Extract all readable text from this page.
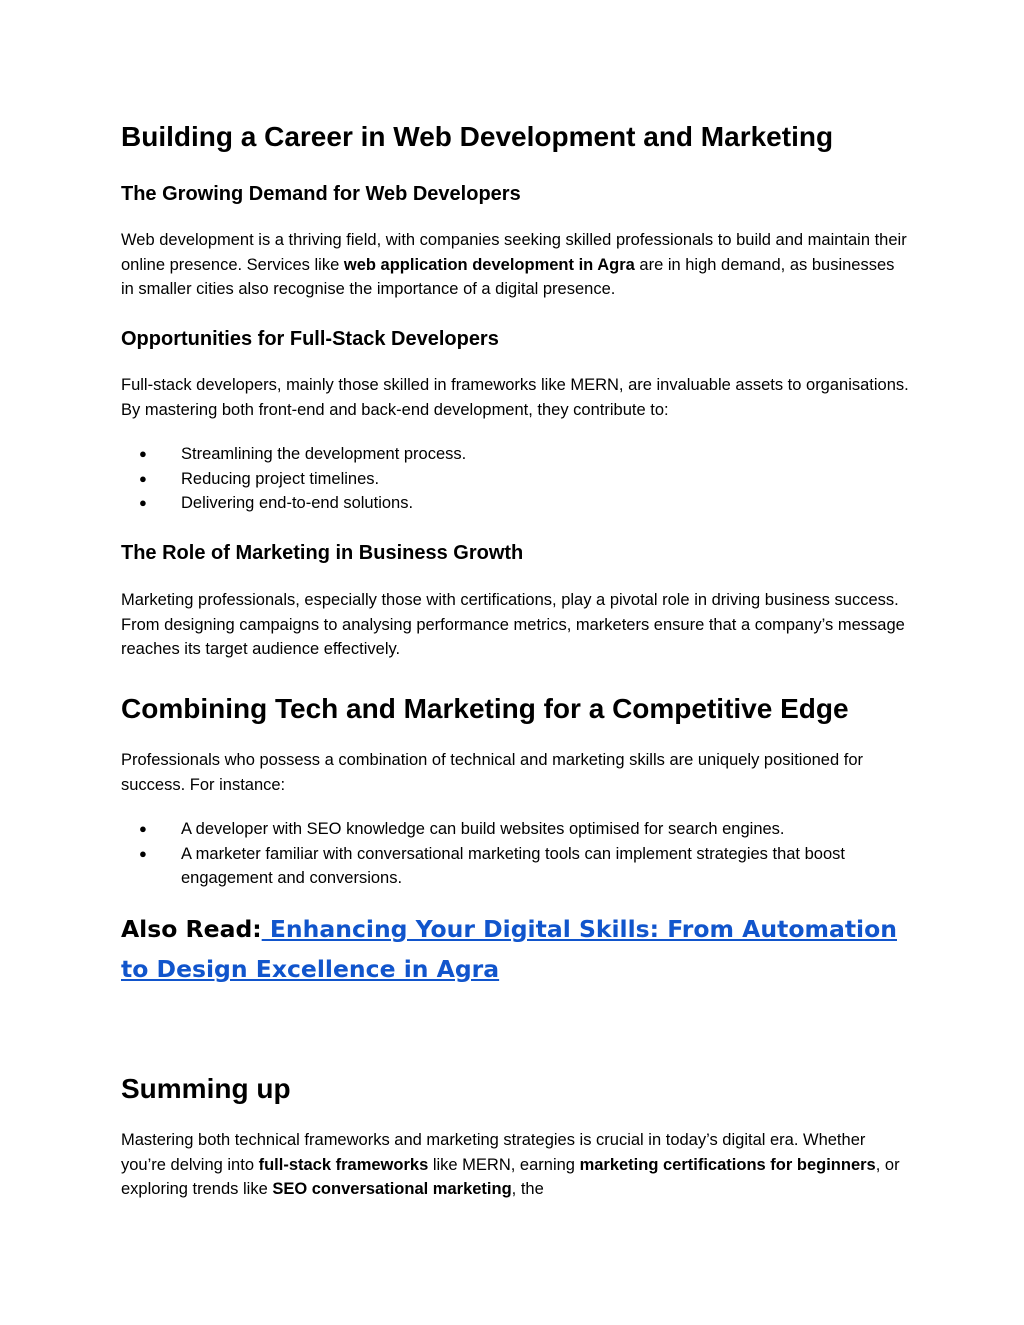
Building a Career in Web Development and Marketing
The Growing Demand for Web Developers

Web development is a thriving field, with companies seeking skilled professionals to build and maintain their online presence. Services like web application development in Agra are in high demand, as businesses in smaller cities also recognise the importance of a digital presence.

Opportunities for Full-Stack Developers

Full-stack developers, mainly those skilled in frameworks like MERN, are invaluable assets to organisations. By mastering both front-end and back-end development, they contribute to:

● Streamlining the development process.
● Reducing project timelines.
● Delivering end-to-end solutions.
The Role of Marketing in Business Growth

Marketing professionals, especially those with certifications, play a pivotal role in driving business success. From designing campaigns to analysing performance metrics, marketers ensure that a company’s message reaches its target audience effectively.

Combining Tech and Marketing for a Competitive Edge

Professionals who possess a combination of technical and marketing skills are uniquely positioned for success. For instance:

● A developer with SEO knowledge can build websites optimised for search engines.
● A marketer familiar with conversational marketing tools can implement strategies that boost engagement and conversions.
Also Read: Enhancing Your Digital Skills: From Automation to Design Excellence in Agra
Summing up

Mastering both technical frameworks and marketing strategies is crucial in today’s digital era. Whether you’re delving into full-stack frameworks like MERN, earning marketing certifications for beginners, or exploring trends like SEO conversational marketing, the
